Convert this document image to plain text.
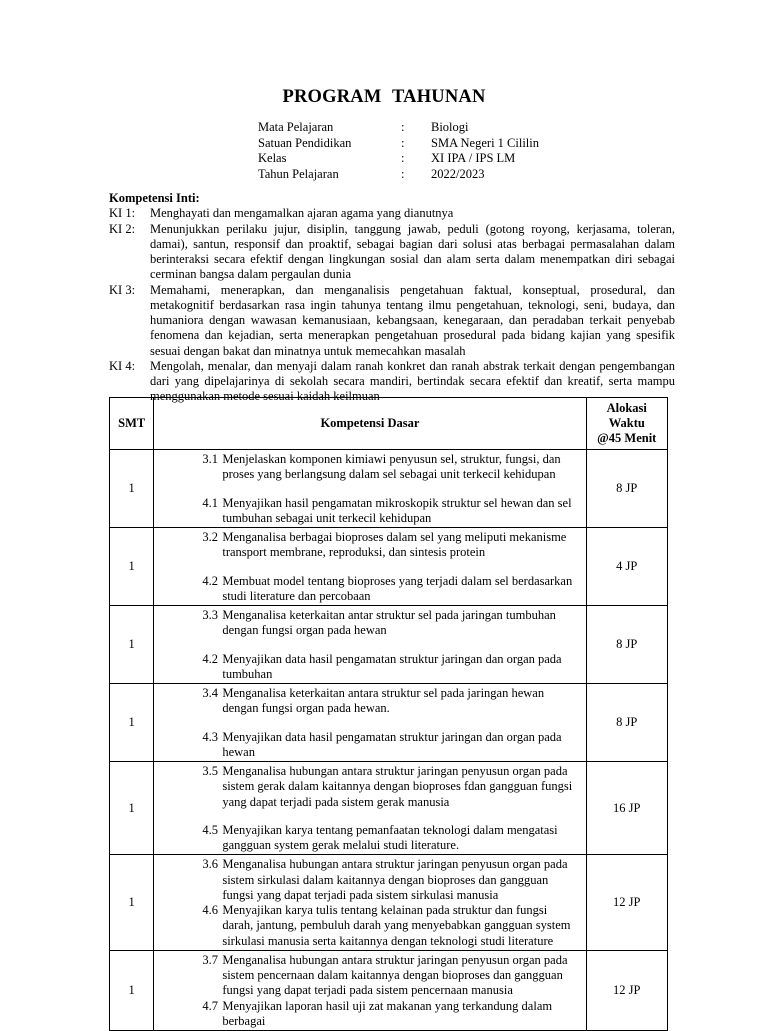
PROGRAM TAHUNAN
Mata Pelajaran	:	Biologi
Satuan Pendidikan	:	SMA Negeri 1 Cililin
Kelas	:	XI IPA / IPS LM
Tahun Pelajaran	:	2022/2023
Kompetensi Inti:
KI 1:	Menghayati dan mengamalkan ajaran agama yang dianutnya
KI 2:	Menunjukkan perilaku jujur, disiplin, tanggung jawab, peduli (gotong royong, kerjasama, toleran, damai), santun, responsif dan proaktif, sebagai bagian dari solusi atas berbagai permasalahan dalam berinteraksi secara efektif dengan lingkungan sosial dan alam serta dalam menempatkan diri sebagai cerminan bangsa dalam pergaulan dunia
KI 3:	Memahami, menerapkan, dan menganalisis pengetahuan faktual, konseptual, prosedural, dan metakognitif berdasarkan rasa ingin tahunya tentang ilmu pengetahuan, teknologi, seni, budaya, dan humaniora dengan wawasan kemanusiaan, kebangsaan, kenegaraan, dan peradaban terkait penyebab fenomena dan kejadian, serta menerapkan pengetahuan prosedural pada bidang kajian yang spesifik sesuai dengan bakat dan minatnya untuk memecahkan masalah
KI 4:	Mengolah, menalar, dan menyaji dalam ranah konkret dan ranah abstrak terkait dengan pengembangan dari yang dipelajarinya di sekolah secara mandiri, bertindak secara efektif dan kreatif, serta mampu menggunakan metode sesuai kaidah keilmuan
SMT	Kompetensi Dasar	Alokasi
Waktu
@45 Menit

1	3.1 Menjelaskan komponen kimiawi penyusun sel, struktur, fungsi, dan proses yang berlangsung dalam sel sebagai unit terkecil kehidupan
4.1 Menyajikan hasil pengamatan mikroskopik struktur sel hewan dan sel tumbuhan sebagai unit terkecil kehidupan	8 JP
1	3.2 Menganalisa berbagai bioproses dalam sel yang meliputi mekanisme transport membrane, reproduksi, dan sintesis protein
4.2 Membuat model tentang bioproses yang terjadi dalam sel berdasarkan studi literature dan percobaan	4 JP
1	3.3 Menganalisa keterkaitan antar struktur sel pada jaringan tumbuhan dengan fungsi organ pada hewan
4.2 Menyajikan data hasil pengamatan struktur jaringan dan organ pada tumbuhan	8 JP
1	3.4 Menganalisa keterkaitan antara struktur sel pada jaringan hewan dengan fungsi organ pada hewan.
4.3 Menyajikan data hasil pengamatan struktur jaringan dan organ pada hewan	8 JP
1	3.5 Menganalisa hubungan antara struktur jaringan penyusun organ pada sistem gerak dalam kaitannya dengan bioproses fdan gangguan fungsi yang dapat terjadi pada sistem gerak manusia
4.5 Menyajikan karya tentang pemanfaatan teknologi dalam mengatasi gangguan system gerak melalui studi literature.	16 JP
1	3.6 Menganalisa hubungan antara struktur jaringan penyusun organ pada sistem sirkulasi dalam kaitannya dengan bioproses dan gangguan fungsi yang dapat terjadi pada sistem sirkulasi manusia
4.6 Menyajikan karya tulis tentang kelainan pada struktur dan fungsi darah, jantung, pembuluh darah yang menyebabkan gangguan system sirkulasi manusia serta kaitannya dengan teknologi studi literature	12 JP
1	3.7 Menganalisa hubungan antara struktur jaringan penyusun organ pada sistem pencernaan dalam kaitannya dengan bioproses dan gangguan fungsi yang dapat terjadi pada sistem pencernaan manusia
4.7 Menyajikan laporan hasil uji zat makanan yang terkandung dalam berbagai	12 JP
